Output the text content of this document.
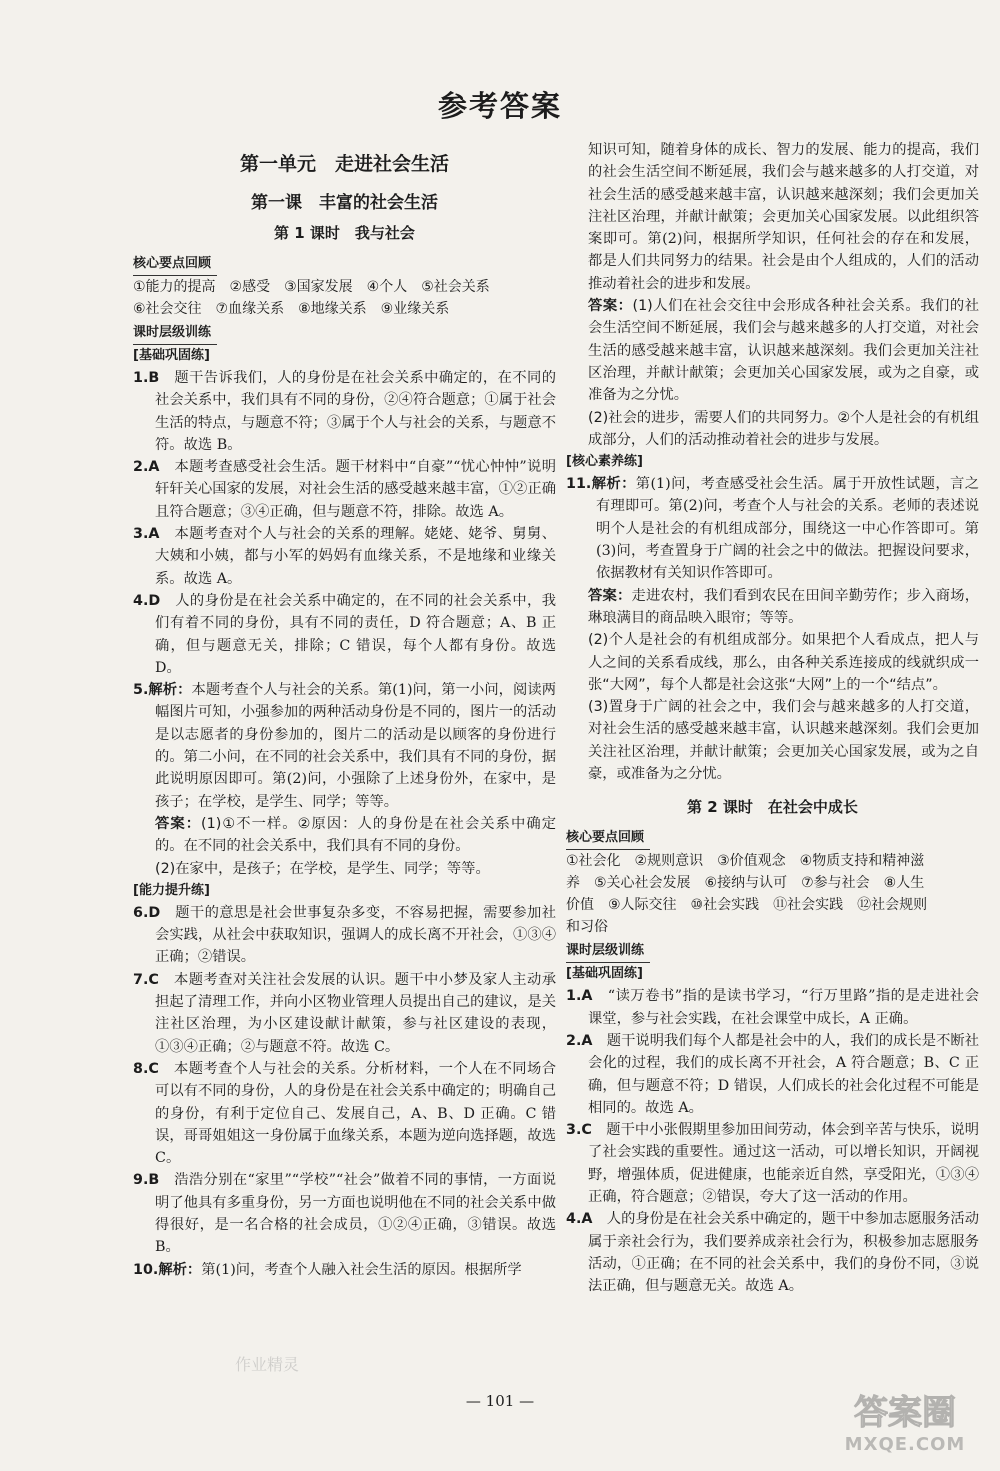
参考答案
第一单元　走进社会生活
第一课　丰富的社会生活
第 1 课时　我与社会
核心要点回顾
①能力的提高　②感受　③国家发展　④个人　⑤社会关系
⑥社会交往　⑦血缘关系　⑧地缘关系　⑨业缘关系
课时层级训练
[基础巩固练]

1.B　题干告诉我们，人的身份是在社会关系中确定的，在不同的社会关系中，我们具有不同的身份，②④符合题意；①属于社会生活的特点，与题意不符；③属于个人与社会的关系，与题意不符。故选 B。

2.A　本题考查感受社会生活。题干材料中“自豪”“忧心忡忡”说明轩轩关心国家的发展，对社会生活的感受越来越丰富，①②正确且符合题意；③④正确，但与题意不符，排除。故选 A。

3.A　本题考查对个人与社会的关系的理解。姥姥、姥爷、舅舅、大姨和小姨，都与小军的妈妈有血缘关系，不是地缘和业缘关系。故选 A。

4.D　人的身份是在社会关系中确定的，在不同的社会关系中，我们有着不同的身份，具有不同的责任，D 符合题意；A、B 正确，但与题意无关，排除；C 错误，每个人都有身份。故选 D。

5.解析：本题考查个人与社会的关系。第(1)问，第一小问，阅读两幅图片可知，小强参加的两种活动身份是不同的，图片一的活动是以志愿者的身份参加的，图片二的活动是以顾客的身份进行的。第二小问，在不同的社会关系中，我们具有不同的身份，据此说明原因即可。第(2)问，小强除了上述身份外，在家中，是孩子；在学校，是学生、同学；等等。

答案：(1)①不一样。②原因：人的身份是在社会关系中确定的。在不同的社会关系中，我们具有不同的身份。

(2)在家中，是孩子；在学校，是学生、同学；等等。

[能力提升练]

6.D　题干的意思是社会世事复杂多变，不容易把握，需要参加社会实践，从社会中获取知识，强调人的成长离不开社会，①③④正确；②错误。

7.C　本题考查对关注社会发展的认识。题干中小梦及家人主动承担起了清理工作，并向小区物业管理人员提出自己的建议，是关注社区治理，为小区建设献计献策，参与社区建设的表现，①③④正确；②与题意不符。故选 C。

8.C　本题考查个人与社会的关系。分析材料，一个人在不同场合可以有不同的身份，人的身份是在社会关系中确定的；明确自己的身份，有利于定位自己、发展自己，A、B、D 正确。C 错误，哥哥姐姐这一身份属于血缘关系，本题为逆向选择题，故选 C。

9.B　浩浩分别在“家里”“学校”“社会”做着不同的事情，一方面说明了他具有多重身份，另一方面也说明他在不同的社会关系中做得很好，是一名合格的社会成员，①②④正确，③错误。故选 B。

10.解析：第(1)问，考查个人融入社会生活的原因。根据所学

知识可知，随着身体的成长、智力的发展、能力的提高，我们的社会生活空间不断延展，我们会与越来越多的人打交道，对社会生活的感受越来越丰富，认识越来越深刻；我们会更加关注社区治理，并献计献策；会更加关心国家发展。以此组织答案即可。第(2)问，根据所学知识，任何社会的存在和发展，都是人们共同努力的结果。社会是由个人组成的，人们的活动推动着社会的进步和发展。

答案：(1)人们在社会交往中会形成各种社会关系。我们的社会生活空间不断延展，我们会与越来越多的人打交道，对社会生活的感受越来越丰富，认识越来越深刻。我们会更加关注社区治理，并献计献策；会更加关心国家发展，或为之自豪，或准备为之分忧。

(2)社会的进步，需要人们的共同努力。②个人是社会的有机组成部分，人们的活动推动着社会的进步与发展。

[核心素养练]

11.解析：第(1)问，考查感受社会生活。属于开放性试题，言之有理即可。第(2)问，考查个人与社会的关系。老师的表述说明个人是社会的有机组成部分，围绕这一中心作答即可。第(3)问，考查置身于广阔的社会之中的做法。把握设问要求，依据教材有关知识作答即可。

答案：走进农村，我们看到农民在田间辛勤劳作；步入商场，琳琅满目的商品映入眼帘；等等。

(2)个人是社会的有机组成部分。如果把个人看成点，把人与人之间的关系看成线，那么，由各种关系连接成的线就织成一张“大网”，每个人都是社会这张“大网”上的一个“结点”。

(3)置身于广阔的社会之中，我们会与越来越多的人打交道，对社会生活的感受越来越丰富，认识越来越深刻。我们会更加关注社区治理，并献计献策；会更加关心国家发展，或为之自豪，或准备为之分忧。

第 2 课时　在社会中成长
核心要点回顾
①社会化　②规则意识　③价值观念　④物质支持和精神滋
养　⑤关心社会发展　⑥接纳与认可　⑦参与社会　⑧人生
价值　⑨人际交往　⑩社会实践　⑪社会实践　⑫社会规则
和习俗
课时层级训练
[基础巩固练]

1.A　“读万卷书”指的是读书学习，“行万里路”指的是走进社会课堂，参与社会实践，在社会课堂中成长，A 正确。

2.A　题干说明我们每个人都是社会中的人，我们的成长是不断社会化的过程，我们的成长离不开社会，A 符合题意；B、C 正确，但与题意不符；D 错误，人们成长的社会化过程不可能是相同的。故选 A。

3.C　题干中小张假期里参加田间劳动，体会到辛苦与快乐，说明了社会实践的重要性。通过这一活动，可以增长知识，开阔视野，增强体质，促进健康，也能亲近自然，享受阳光，①③④正确，符合题意；②错误，夸大了这一活动的作用。

4.A　人的身份是在社会关系中确定的，题干中参加志愿服务活动属于亲社会行为，我们要养成亲社会行为，积极参加志愿服务活动，①正确；在不同的社会关系中，我们的身份不同，③说法正确，但与题意无关。故选 A。

作业精灵
— 101 —	答案圈
MXQE.COM
